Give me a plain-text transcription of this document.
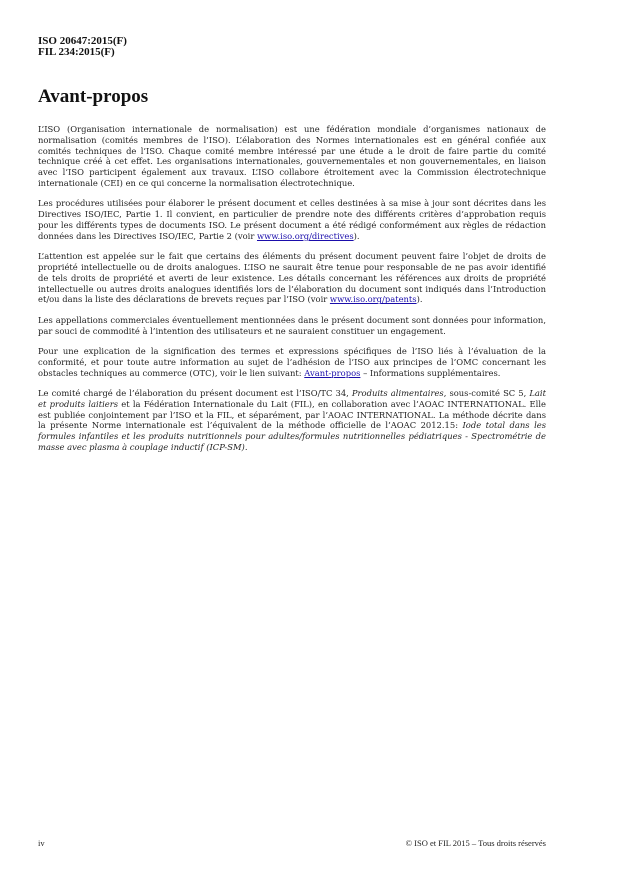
ISO 20647:2015(F)
FIL 234:2015(F)
Avant-propos

L’ISO (Organisation internationale de normalisation) est une fédération mondiale d’organismes nationaux de normalisation (comités membres de l’ISO). L’élaboration des Normes internationales est en général confiée aux comités techniques de l’ISO. Chaque comité membre intéressé par une étude a le droit de faire partie du comité technique créé à cet effet. Les organisations internationales, gouvernementales et non gouvernementales, en liaison avec l’ISO participent également aux travaux. L’ISO collabore étroitement avec la Commission électrotechnique internationale (CEI) en ce qui concerne la normalisation électrotechnique.

Les procédures utilisées pour élaborer le présent document et celles destinées à sa mise à jour sont décrites dans les Directives ISO/IEC, Partie 1. Il convient, en particulier de prendre note des différents critères d’approbation requis pour les différents types de documents ISO. Le présent document a été rédigé conformément aux règles de rédaction données dans les Directives ISO/IEC, Partie 2 (voir www.iso.org/directives).

L’attention est appelée sur le fait que certains des éléments du présent document peuvent faire l’objet de droits de propriété intellectuelle ou de droits analogues. L’ISO ne saurait être tenue pour responsable de ne pas avoir identifié de tels droits de propriété et averti de leur existence. Les détails concernant les références aux droits de propriété intellectuelle ou autres droits analogues identifiés lors de l’élaboration du document sont indiqués dans l’Introduction et/ou dans la liste des déclarations de brevets reçues par l’ISO (voir www.iso.org/patents).

Les appellations commerciales éventuellement mentionnées dans le présent document sont données pour information, par souci de commodité à l’intention des utilisateurs et ne sauraient constituer un engagement.

Pour une explication de la signification des termes et expressions spécifiques de l’ISO liés à l’évaluation de la conformité, et pour toute autre information au sujet de l’adhésion de l’ISO aux principes de l’OMC concernant les obstacles techniques au commerce (OTC), voir le lien suivant: Avant-propos – Informations supplémentaires.

Le comité chargé de l’élaboration du présent document est l’ISO/TC 34, Produits alimentaires, sous-comité SC 5, Lait et produits laitiers et la Fédération Internationale du Lait (FIL), en collaboration avec l’AOAC INTERNATIONAL. Elle est publiée conjointement par l’ISO et la FIL, et séparément, par l’AOAC INTERNATIONAL. La méthode décrite dans la présente Norme internationale est l’équivalent de la méthode officielle de l’AOAC 2012.15: Iode total dans les formules infantiles et les produits nutritionnels pour adultes/formules nutritionnelles pédiatriques - Spectrométrie de masse avec plasma à couplage inductif (ICP-SM).

iv	© ISO et FIL 2015 – Tous droits réservés
